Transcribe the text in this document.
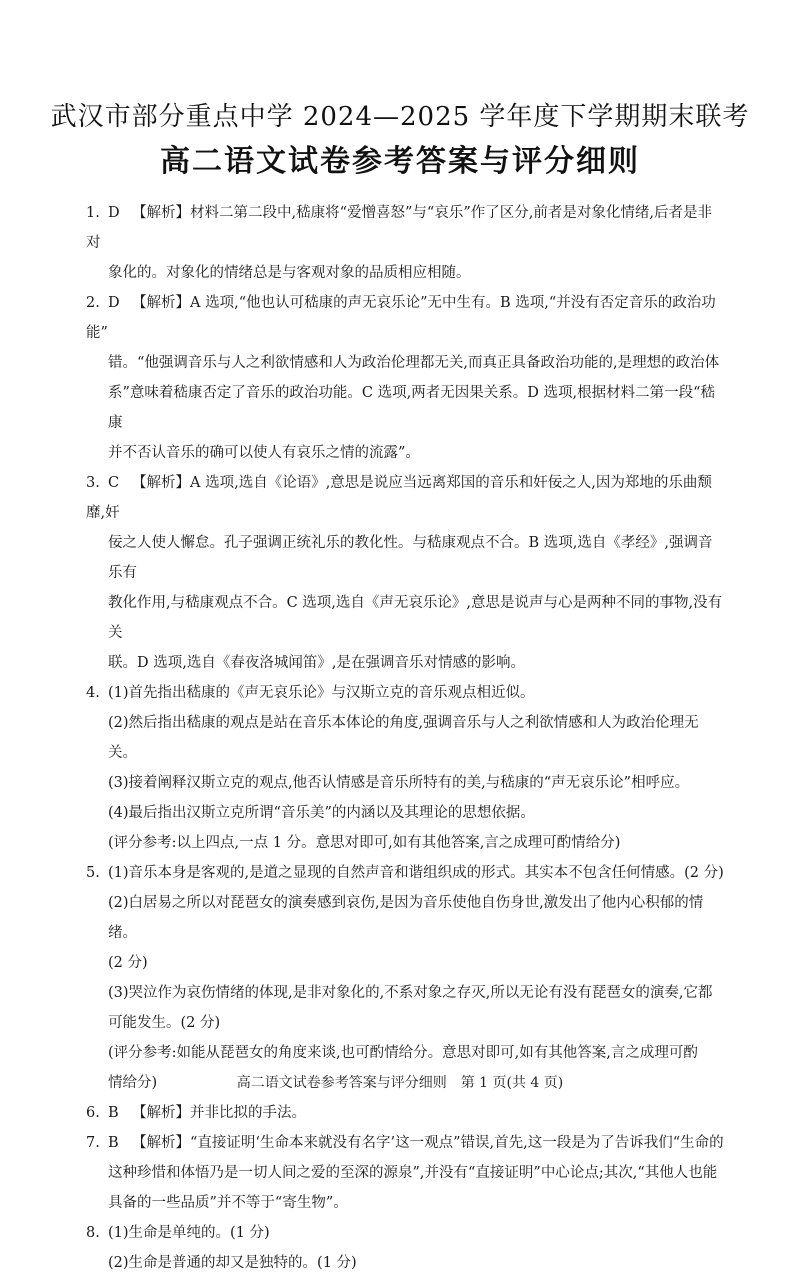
武汉市部分重点中学 2024—2025 学年度下学期期末联考
高二语文试卷参考答案与评分细则
1. D 【解析】材料二第二段中,嵇康将“爱憎喜怒”与“哀乐”作了区分,前者是对象化情绪,后者是非对
象化的。对象化的情绪总是与客观对象的品质相应相随。
2. D 【解析】A 选项,“他也认可嵇康的声无哀乐论”无中生有。B 选项,“并没有否定音乐的政治功能”
错。“他强调音乐与人之利欲情感和人为政治伦理都无关,而真正具备政治功能的,是理想的政治体
系”意味着嵇康否定了音乐的政治功能。C 选项,两者无因果关系。D 选项,根据材料二第一段“嵇康
并不否认音乐的确可以使人有哀乐之情的流露”。
3. C 【解析】A 选项,选自《论语》,意思是说应当远离郑国的音乐和奸佞之人,因为郑地的乐曲颓靡,奸
佞之人使人懈怠。孔子强调正统礼乐的教化性。与嵇康观点不合。B 选项,选自《孝经》,强调音乐有
教化作用,与嵇康观点不合。C 选项,选自《声无哀乐论》,意思是说声与心是两种不同的事物,没有关
联。D 选项,选自《春夜洛城闻笛》,是在强调音乐对情感的影响。
4. (1)首先指出嵇康的《声无哀乐论》与汉斯立克的音乐观点相近似。
(2)然后指出嵇康的观点是站在音乐本体论的角度,强调音乐与人之利欲情感和人为政治伦理无关。
(3)接着阐释汉斯立克的观点,他否认情感是音乐所特有的美,与嵇康的“声无哀乐论”相呼应。
(4)最后指出汉斯立克所谓“音乐美”的内涵以及其理论的思想依据。
(评分参考:以上四点,一点 1 分。意思对即可,如有其他答案,言之成理可酌情给分)
5. (1)音乐本身是客观的,是道之显现的自然声音和谐组织成的形式。其实本不包含任何情感。(2 分)
(2)白居易之所以对琵琶女的演奏感到哀伤,是因为音乐使他自伤身世,激发出了他内心积郁的情绪。
(2 分)
(3)哭泣作为哀伤情绪的体现,是非对象化的,不系对象之存灭,所以无论有没有琵琶女的演奏,它都
可能发生。(2 分)
(评分参考:如能从琵琶女的角度来谈,也可酌情给分。意思对即可,如有其他答案,言之成理可酌
情给分)
6. B 【解析】并非比拟的手法。
7. B 【解析】“直接证明‘生命本来就没有名字’这一观点”错误,首先,这一段是为了告诉我们“生命的
这种珍惜和体悟乃是一切人间之爱的至深的源泉”,并没有“直接证明”中心论点;其次,“其他人也能
具备的一些品质”并不等于“寄生物”。
8. (1)生命是单纯的。(1 分)
(2)生命是普通的却又是独特的。(1 分)
高二语文试卷参考答案与评分细则　第 1 页(共 4 页)
